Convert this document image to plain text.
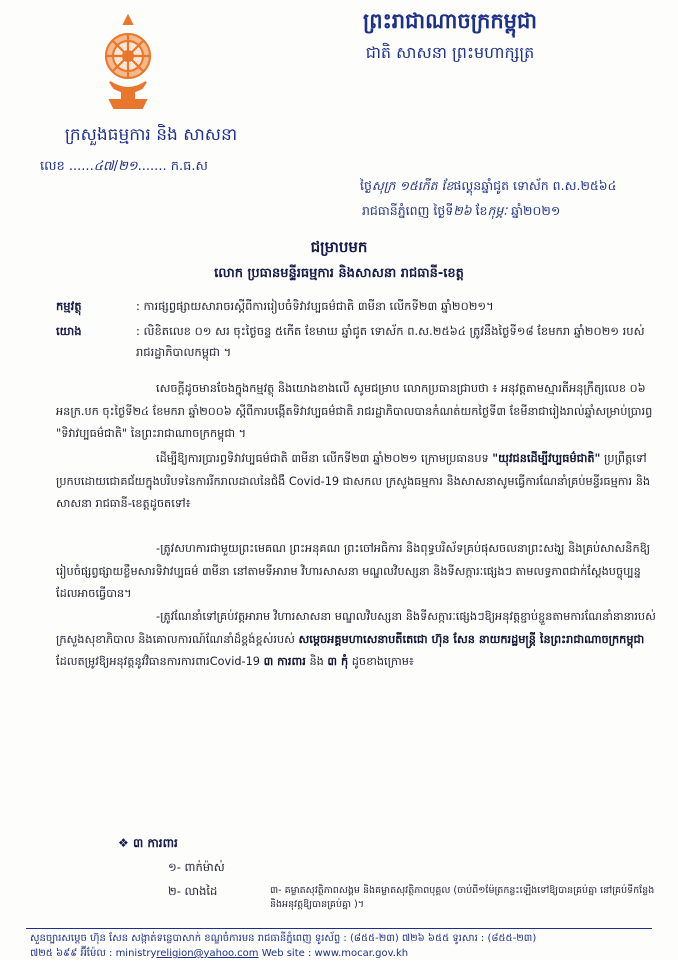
ព្រះរាជាណាចក្រកម្ពុជា
ជាតិ សាសនា ព្រះមហាក្សត្រ
ក្រសួងធម្មការ និង សាសនា
លេខ ......៤៧/២១....... ក.ធ.ស
ថ្ងៃសុក្រ ១៥កើត ខែផល្គុនឆ្នាំជូត ទោស័ក ព.ស.២៥៦៤
រាជធានីភ្នំពេញ ថ្ងៃទី២៦ ខែកុម្ភៈ ឆ្នាំ២០២១
ជម្រាបមក
លោក ប្រធានមន្ទីរធម្មការ និងសាសនា រាជធានី-ខេត្ត
កម្មវត្ថុ	: ការផ្សព្វផ្សាយសារាចរស្តីពីការរៀបចំទិវាវប្បធម៌ជាតិ ៣មីនា លើកទី២៣ ឆ្នាំ២០២១។
យោង	: លិខិតលេខ ០១ សរ ចុះថ្ងៃចន្ទ ៥កើត ខែមាឃ ឆ្នាំជូត ទោស័ក ព.ស.២៥៦៤ ត្រូវនឹងថ្ងៃទី១៨ ខែមករា ឆ្នាំ២០២១ របស់រាជរដ្ឋាភិបាលកម្ពុជា ។
សេចក្តីដូចមានចែងក្នុងកម្មវត្ថុ និងយោងខាងលើ សូមជម្រាប លោកប្រធានជ្រាបថា ៖ អនុវត្តតាមស្មារតីអនុក្រឹត្យលេខ ០៦ អនក្រ.បក ចុះថ្ងៃទី២៤ ខែមករា ឆ្នាំ២០០៦ ស្តីពីការបង្កើតទិវាវប្បធម៌ជាតិ រាជរដ្ឋាភិបាលបានកំណត់យកថ្ងៃទី៣ ខែមីនាជារៀងរាល់ឆ្នាំសម្រាប់ប្រារព្ធ "ទិវាវប្បធម៌ជាតិ" នៃព្រះរាជាណាចក្រកម្ពុជា ។
ដើម្បីឱ្យការប្រារព្ធទិវាវប្បធម៌ជាតិ ៣មីនា លើកទី២៣ ឆ្នាំ២០២១ ក្រោមប្រធានបទ "យុវជនដើម្បីវប្បធម៌ជាតិ" ប្រព្រឹត្តទៅប្រកបដោយជោគជ័យក្នុងបរិបទនៃការរីករាលដាលនៃជំងឺ Covid-19 ជាសកល ក្រសួងធម្មការ និងសាសនាសូមធ្វើការណែនាំគ្រប់មន្ទីរធម្មការ និងសាសនា រាជធានី-ខេត្តដូចតទៅ៖
-ត្រូវសហការជាមួយព្រះមេគណ ព្រះអនុគណ ព្រះចៅអធិការ និងពុទ្ធបរិស័ទគ្រប់ផុសចលនាព្រះសង្ឃ និងគ្រប់សាសនិកឱ្យរៀបចំផ្សព្វផ្សាយខ្លឹមសារទិវាវប្បធម៌ ៣មីនា នៅតាមទីអារាម វិហារសាសនា មណ្ឌលវិបស្សនា និងទីសក្ការៈផ្សេងៗ តាមលទ្ធភាពជាក់ស្តែងបច្ចុប្បន្នដែលអាចធ្វើបាន។
-ត្រូវណែនាំទៅគ្រប់វត្តអារាម វិហារសាសនា មណ្ឌលវិបស្សនា និងទីសក្ការៈផ្សេងៗឱ្យអនុវត្តខ្ជាប់ខ្ជួនតាមការណែនាំនានារបស់ក្រសួងសុខាភិបាល និងគោលការណ៍ណែនាំដ៏ខ្ពង់ខ្ពស់របស់ សម្តេចអគ្គមហាសេនាបតីតេជោ ហ៊ុន សែន នាយករដ្ឋមន្ត្រី នៃព្រះរាជាណាចក្រកម្ពុជា ដែលតម្រូវឱ្យអនុវត្តនូវវិធានការការពារCovid-19 ៣ ការពារ និង ៣ កុំ ដូចខាងក្រោម៖
❖ ៣ ការពារ
១- ពាក់ម៉ាស់
២- លាងដៃ
សួនច្បារសម្តេច ហ៊ុន សែន សង្កាត់ទន្លេបាសាក់ ខណ្ឌចំការមន រាជធានីភ្នំពេញ ទូរស័ព្ទ : (៨៥៥-២៣) ៧២៦ ៦៥៥ ទូរសារ : (៨៥៥-២៣)
៧២៥ ៦៩៩ អ៊ីម៉ែល : ministryreligion@yahoo.com Web site : www.mocar.gov.kh
៣- គម្លាតសុវត្ថិភាពសង្គម និងគម្លាតសុវត្ថិភាពបុគ្គល (ចាប់ពី១ម៉ែត្រកន្លះឡើងទៅឱ្យបានគ្រប់គ្នា នៅគ្រប់ទីកន្លែង និងអនុវត្តឱ្យបានគ្រប់គ្នា )។
